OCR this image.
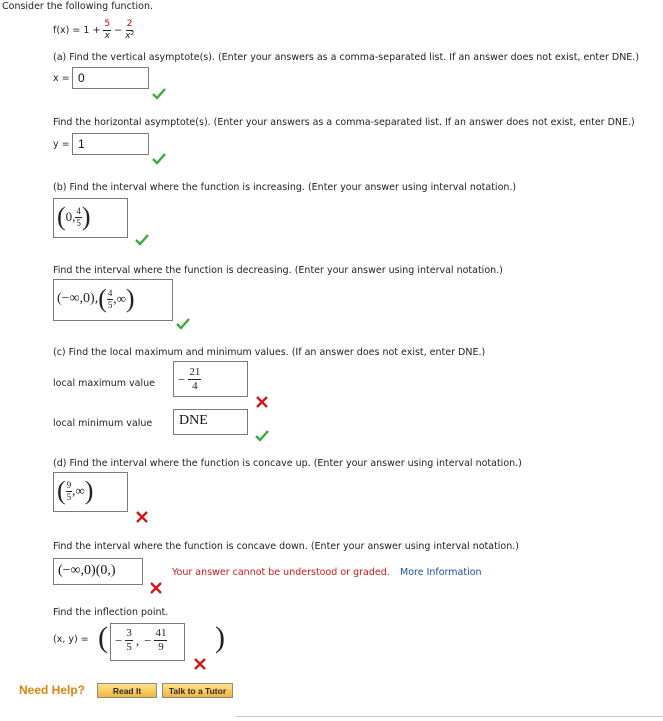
Consider the following function.
$f(x) = 1 + \frac{5}{x} - \frac{2}{\text{x²}}$
(a) Find the vertical asymptote(s). (Enter your answers as a comma-separated list. If an answer does not exist, enter DNE.)
x = 0
Find the horizontal asymptote(s). (Enter your answers as a comma-separated list. If an answer does not exist, enter DNE.)
y = 1
(b) Find the interval where the function is increasing. (Enter your answer using interval notation.)
( 0, $\frac{4}{5}$ )
Find the interval where the function is decreasing. (Enter your answer using interval notation.)
(−∞,0), ( $\frac{4}{5}$ ,∞ )
(c) Find the local maximum and minimum values. (If an answer does not exist, enter DNE.)
local maximum value − $\frac{21}{4}$
local minimum value DNE
(d) Find the interval where the function is concave up. (Enter your answer using interval notation.)
( $\frac{9}{5}$ ,∞ )
Find the interval where the function is concave down. (Enter your answer using interval notation.)
(−∞,0)(0,)	Your answer cannot be understood or graded. More Information
Find the inflection point.
(x, y) = ( − $\frac{3}{5}$ , − $\frac{41}{9}$ )
Need Help?	Read It	Talk to a Tutor
